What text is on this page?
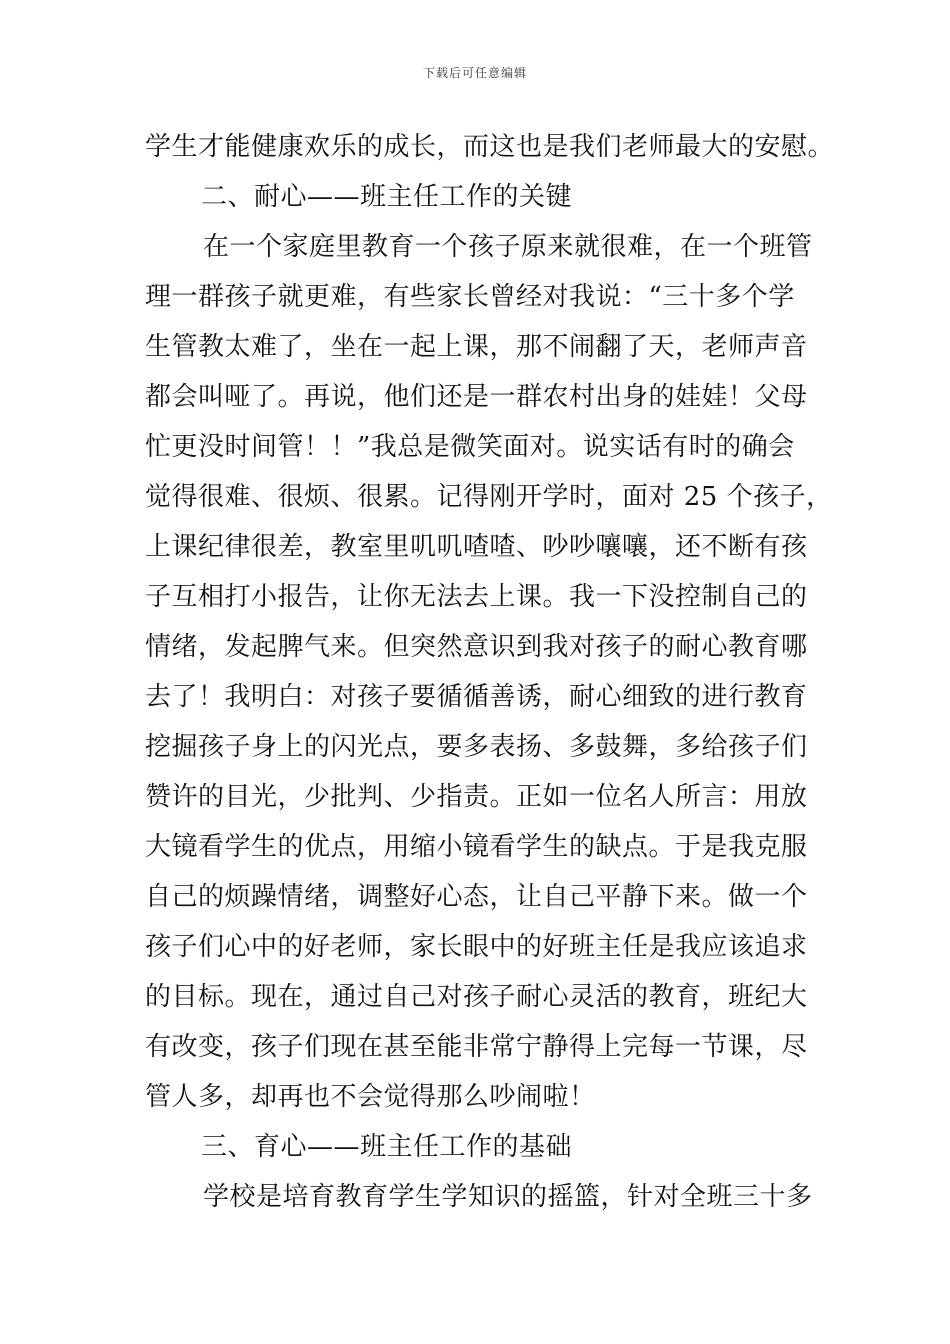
下载后可任意编辑
学生才能健康欢乐的成长，而这也是我们老师最大的安慰。
二、耐心——班主任工作的关键
在一个家庭里教育一个孩子原来就很难，在一个班管
理一群孩子就更难，有些家长曾经对我说：“三十多个学
生管教太难了，坐在一起上课，那不闹翻了天，老师声音
都会叫哑了。再说，他们还是一群农村出身的娃娃！父母
忙更没时间管！！”我总是微笑面对。说实话有时的确会
觉得很难、很烦、很累。记得刚开学时，面对 25 个孩子，
上课纪律很差，教室里叽叽喳喳、吵吵嚷嚷，还不断有孩
子互相打小报告，让你无法去上课。我一下没控制自己的
情绪，发起脾气来。但突然意识到我对孩子的耐心教育哪
去了！我明白：对孩子要循循善诱，耐心细致的进行教育
挖掘孩子身上的闪光点，要多表扬、多鼓舞，多给孩子们
赞许的目光，少批判、少指责。正如一位名人所言：用放
大镜看学生的优点，用缩小镜看学生的缺点。于是我克服
自己的烦躁情绪，调整好心态，让自己平静下来。做一个
孩子们心中的好老师，家长眼中的好班主任是我应该追求
的目标。现在，通过自己对孩子耐心灵活的教育，班纪大
有改变，孩子们现在甚至能非常宁静得上完每一节课，尽
管人多，却再也不会觉得那么吵闹啦！
三、育心——班主任工作的基础
学校是培育教育学生学知识的摇篮，针对全班三十多
